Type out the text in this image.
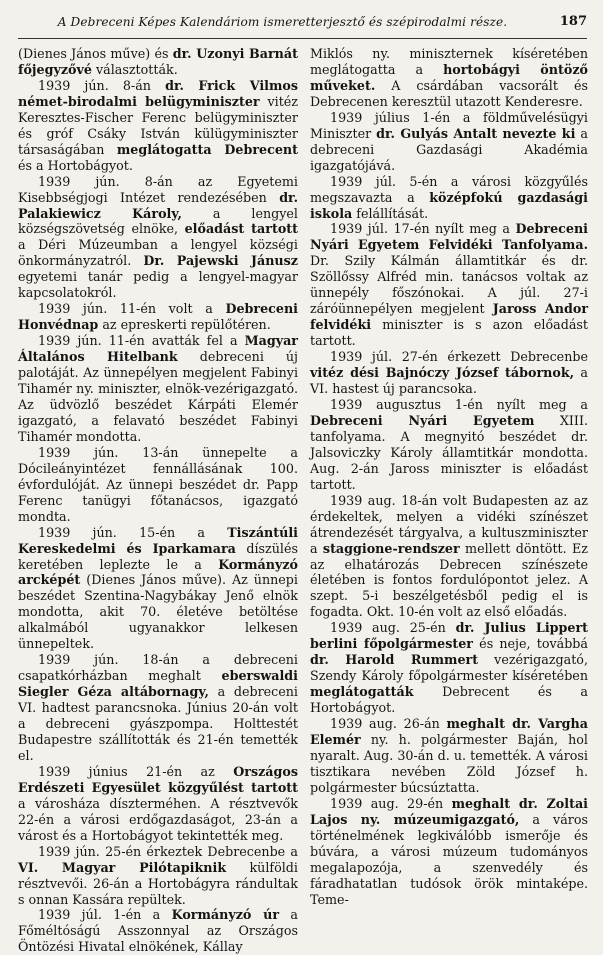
A Debreceni Képes Kalendáriom ismeretterjesztő és szépirodalmi része.	187

(Dienes János műve) és dr. Uzonyi Barnát főjegyzővé választották.

1939 jún. 8-án dr. Frick Vilmos német-birodalmi belügyminiszter vitéz Keresztes-Fischer Ferenc belügyminiszter és gróf Csáky István külügyminiszter társaságában meglátogatta Debrecent és a Hortobágyot.

1939 jún. 8-án az Egyetemi Kisebbségjogi Intézet rendezésében dr. Palakiewicz Károly, a lengyel községszövetség elnöke, előadást tartott a Déri Múzeumban a lengyel községi önkormányzatról. Dr. Pajewski Jánusz egyetemi tanár pedig a lengyel-magyar kapcsolatokról.

1939 jún. 11-én volt a Debreceni Honvédnap az epreskerti repülőtéren.

1939 jún. 11-én avatták fel a Magyar Általános Hitelbank debreceni új palotáját. Az ünnepélyen megjelent Fabinyi Tihamér ny. miniszter, elnök-vezérigazgató. Az üdvözlő beszédet Kárpáti Elemér igazgató, a felavató beszédet Fabinyi Tihamér mondotta.

1939 jún. 13-án ünnepelte a Dócileányintézet fennállásának 100. évfordulóját. Az ünnepi beszédet dr. Papp Ferenc tanügyi főtanácsos, igazgató mondta.

1939 jún. 15-én a Tiszántúli Kereskedelmi és Iparkamara díszülés keretében leplezte le a Kormányzó arcképét (Dienes János műve). Az ünnepi beszédet Szentina-Nagybákay Jenő elnök mondotta, akit 70. életéve betöltése alkalmából ugyanakkor lelkesen ünnepeltek.

1939 jún. 18-án a debreceni csapatkórházban meghalt eberswaldi Siegler Géza altábornagy, a debreceni VI. hadtest parancsnoka. Június 20-án volt a debreceni gyászpompa. Holttestét Budapestre szállították és 21-én temették el.

1939 június 21-én az Országos Erdészeti Egyesület közgyűlést tartott a városháza díszterméhen. A résztvevők 22-én a városi erdőgazdaságot, 23-án a várost és a Hortobágyot tekintették meg.

1939 jún. 25-én érkeztek Debrecenbe a VI. Magyar Pilótapiknik külföldi résztvevői. 26-án a Hortobágyra rándultak s onnan Kassára repültek.

1939 júl. 1-én a Kormányzó úr a Főméltóságú Asszonnyal az Országos Öntözési Hivatal elnökének, Kállay

Miklós ny. miniszternek kíséretében meglátogatta a hortobágyi öntöző műveket. A csárdában vacsorált és Debrecenen keresztül utazott Kenderesre.

1939 július 1-én a földművelésügyi Miniszter dr. Gulyás Antalt nevezte ki a debreceni Gazdasági Akadémia igazgatójává.

1939 júl. 5-én a városi közgyűlés megszavazta a középfokú gazdasági iskola felállítását.

1939 júl. 17-én nyílt meg a Debreceni Nyári Egyetem Felvidéki Tanfolyama. Dr. Szily Kálmán államtitkár és dr. Szöllőssy Alfréd min. tanácsos voltak az ünnepély főszónokai. A júl. 27-i záróünnepélyen megjelent Jaross Andor felvidéki miniszter is s azon előadást tartott.

1939 júl. 27-én érkezett Debrecenbe vitéz dési Bajnóczy József tábornok, a VI. hastest új parancsoka.

1939 augusztus 1-én nyílt meg a Debreceni Nyári Egyetem XIII. tanfolyama. A megnyitó beszédet dr. Jalsoviczky Károly államtitkár mondotta. Aug. 2-án Jaross miniszter is előadást tartott.

1939 aug. 18-án volt Budapesten az az érdekeltek, melyen a vidéki színészet átrendezését tárgyalva, a kultuszminiszter a staggione-rendszer mellett döntött. Ez az elhatározás Debrecen színészete életében is fontos fordulópontot jelez. A szept. 5-i beszélgetésből pedig el is fogadta. Okt. 10-én volt az első előadás.

1939 aug. 25-én dr. Julius Lippert berlini főpolgármester és neje, továbbá dr. Harold Rummert vezérigazgató, Szendy Károly főpolgármester kíséretében meglátogatták Debrecent és a Hortobágyot.

1939 aug. 26-án meghalt dr. Vargha Elemér ny. h. polgármester Baján, hol nyaralt. Aug. 30-án d. u. temették. A városi tisztikara nevében Zöld József h. polgármester búcsúztatta.

1939 aug. 29-én meghalt dr. Zoltai Lajos ny. múzeumigazgató, a város történelmének legkiválóbb ismerője és búvára, a városi múzeum tudományos megalapozója, a szenvedély és fáradhatatlan tudósok örök mintaképe. Teme-
